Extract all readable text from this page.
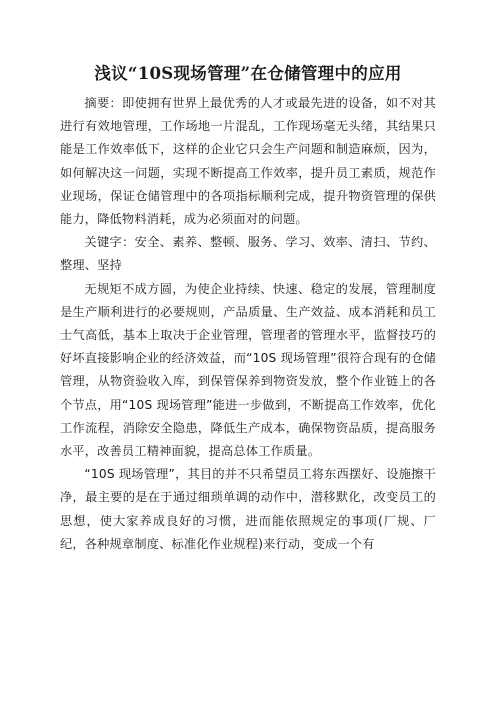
浅议“10S现场管理”在仓储管理中的应用

摘要：即使拥有世界上最优秀的人才或最先进的设备，如不对其进行有效地管理，工作场地一片混乱，工作现场毫无头绪，其结果只能是工作效率低下，这样的企业它只会生产问题和制造麻烦，因为，如何解决这一问题，实现不断提高工作效率，提升员工素质，规范作业现场，保证仓储管理中的各项指标顺利完成，提升物资管理的保供能力，降低物料消耗，成为必须面对的问题。

关键字：安全、素养、整顿、服务、学习、效率、清扫、节约、整理、坚持

无规矩不成方圆，为使企业持续、快速、稳定的发展，管理制度是生产顺利进行的必要规则，产品质量、生产效益、成本消耗和员工士气高低，基本上取决于企业管理，管理者的管理水平，监督技巧的好坏直接影响企业的经济效益，而“10S 现场管理”很符合现有的仓储管理，从物资验收入库，到保管保养到物资发放，整个作业链上的各个节点，用“10S 现场管理”能进一步做到，不断提高工作效率，优化工作流程，消除安全隐患，降低生产成本，确保物资品质，提高服务水平，改善员工精神面貌，提高总体工作质量。

“10S 现场管理”，其目的并不只希望员工将东西摆好、设施擦干净，最主要的是在于通过细琐单调的动作中，潜移默化，改变员工的思想，使大家养成良好的习惯，进而能依照规定的事项(厂规、厂纪，各种规章制度、标准化作业规程)来行动，变成一个有
